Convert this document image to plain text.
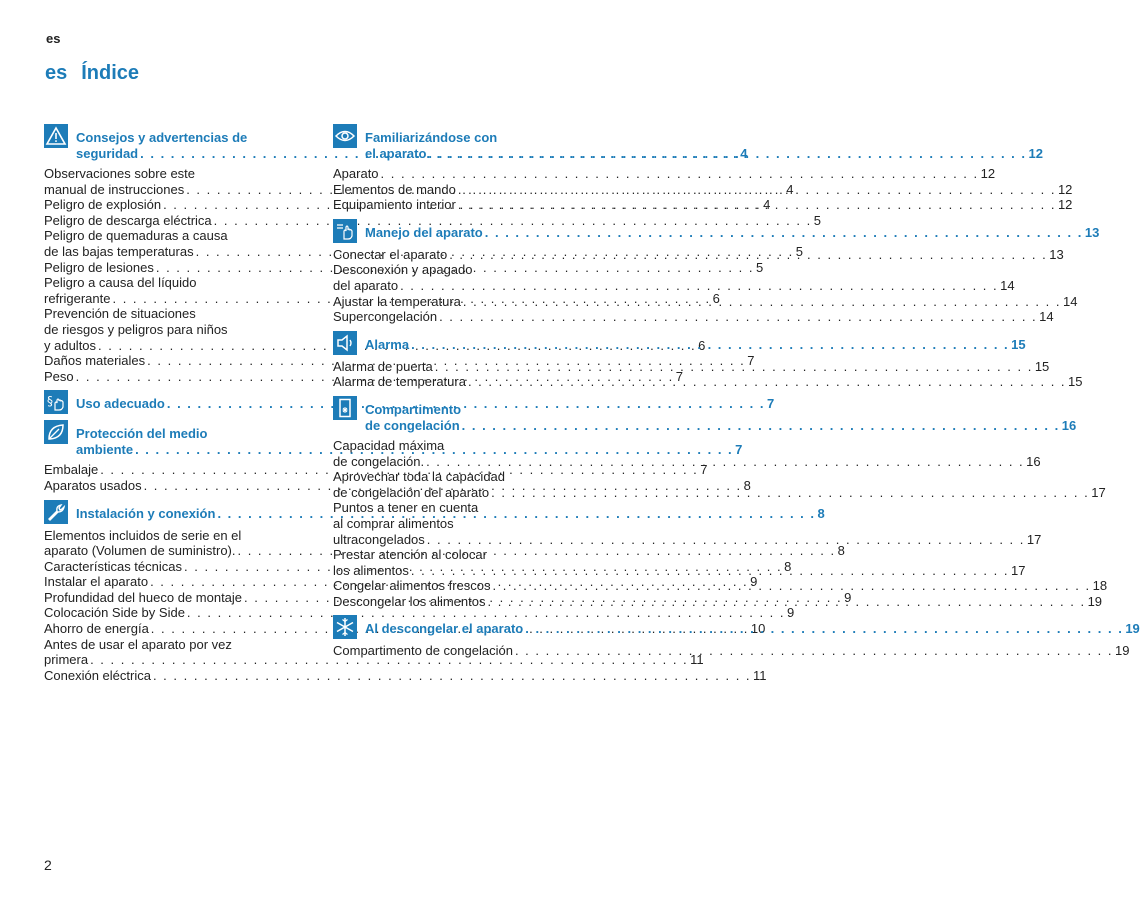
es
es Índice
Consejos y advertencias de
seguridad . . .	4
Observaciones sobre este
manual de instrucciones . . .	4
Peligro de explosión . . .	4
Peligro de descarga eléctrica . . .	5
Peligro de quemaduras a causa
de las bajas temperaturas . . .	5
Peligro de lesiones . . .	5
Peligro a causa del líquido
refrigerante . . .	6
Prevención de situaciones
de riesgos y peligros para niños
y adultos . . .	6
Daños materiales . . .	7
Peso . . .	7
§ Uso adecuado . . .	7
Protección del medio
ambiente . . .	7
Embalaje . . .	7
Aparatos usados . . .	8
Instalación y conexión . . .	8
Elementos incluidos de serie en el
aparato (Volumen de suministro). . . .	8
Características técnicas . . .	8
Instalar el aparato . . .	9
Profundidad del hueco de montaje . . .	9
Colocación Side by Side . . .	9
Ahorro de energía . . .	10
Antes de usar el aparato por vez
primera . . .	11
Conexión eléctrica . . .	11
Familiarizándose con
el aparato . . .	12
Aparato . . .	12
Elementos de mando . . .	12
Equipamiento interior . . .	12
Manejo del aparato . . .	13
Conectar el aparato . . .	13
Desconexión y apagado
del aparato . . .	14
Ajustar la temperatura . . .	14
Supercongelación . . .	14
Alarma . . .	15
Alarma de puerta . . .	15
Alarma de temperatura . . .	15
Compartimento
de congelación . . .	16
Capacidad máxima
de congelación. . . .	16
Aprovechar toda la capacidad
de congelación del aparato . . .	17
Puntos a tener en cuenta
al comprar alimentos
ultracongelados . . .	17
Prestar atención al colocar
los alimentos . . .	17
Congelar alimentos frescos . . .	18
Descongelar los alimentos . . .	19
Al descongelar el aparato . . .	19
Compartimento de congelación . . .	19
2
